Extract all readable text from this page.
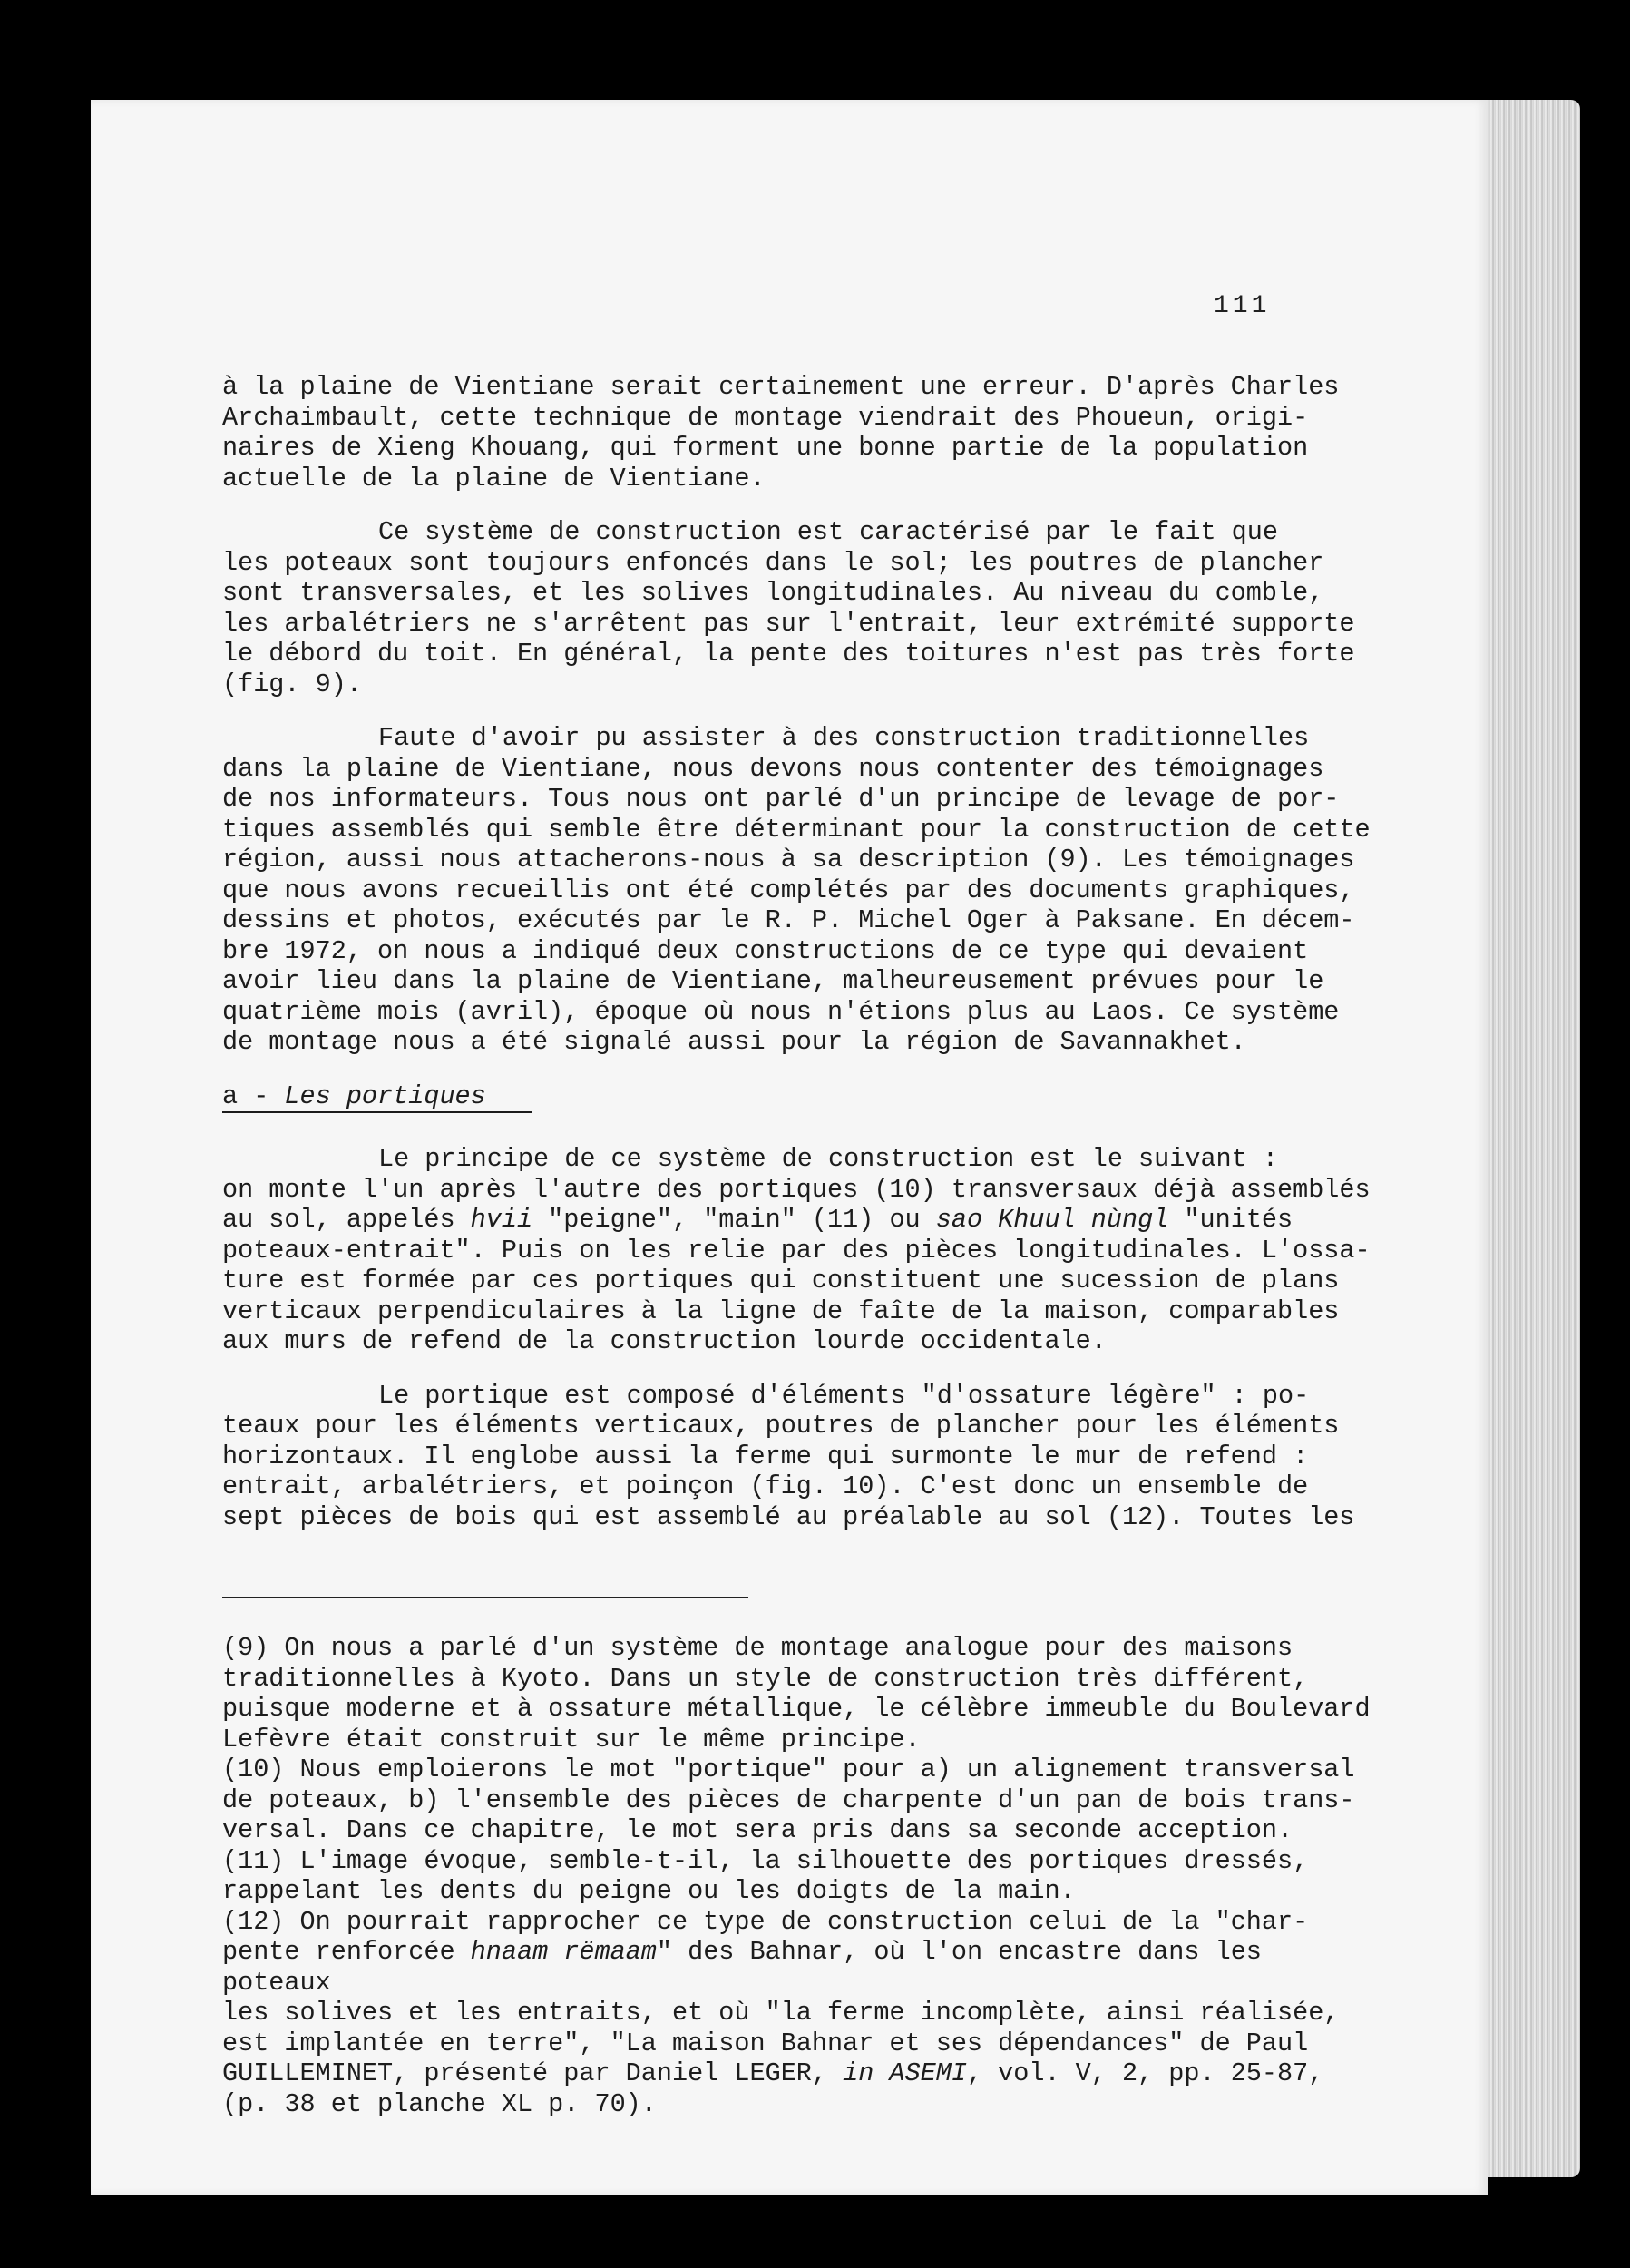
111

à la plaine de Vientiane serait certainement une erreur. D'après Charles
Archaimbault, cette technique de montage viendrait des Phoueun, origi-
naires de Xieng Khouang, qui forment une bonne partie de la population
actuelle de la plaine de Vientiane.

Ce système de construction est caractérisé par le fait que
les poteaux sont toujours enfoncés dans le sol; les poutres de plancher
sont transversales, et les solives longitudinales. Au niveau du comble,
les arbalétriers ne s'arrêtent pas sur l'entrait, leur extrémité supporte
le débord du toit. En général, la pente des toitures n'est pas très forte
(fig. 9).

Faute d'avoir pu assister à des construction traditionnelles
dans la plaine de Vientiane, nous devons nous contenter des témoignages
de nos informateurs. Tous nous ont parlé d'un principe de levage de por-
tiques assemblés qui semble être déterminant pour la construction de cette
région, aussi nous attacherons-nous à sa description (9). Les témoignages
que nous avons recueillis ont été complétés par des documents graphiques,
dessins et photos, exécutés par le R. P. Michel Oger à Paksane. En décem-
bre 1972, on nous a indiqué deux constructions de ce type qui devaient
avoir lieu dans la plaine de Vientiane, malheureusement prévues pour le
quatrième mois (avril), époque où nous n'étions plus au Laos. Ce système
de montage nous a été signalé aussi pour la région de Savannakhet.

a - Les portiques

Le principe de ce système de construction est le suivant :
on monte l'un après l'autre des portiques (10) transversaux déjà assemblés
au sol, appelés hvii "peigne", "main" (11) ou sao Khuul nùngl "unités
poteaux-entrait". Puis on les relie par des pièces longitudinales. L'ossa-
ture est formée par ces portiques qui constituent une sucession de plans
verticaux perpendiculaires à la ligne de faîte de la maison, comparables
aux murs de refend de la construction lourde occidentale.

Le portique est composé d'éléments "d'ossature légère" : po-
teaux pour les éléments verticaux, poutres de plancher pour les éléments
horizontaux. Il englobe aussi la ferme qui surmonte le mur de refend :
entrait, arbalétriers, et poinçon (fig. 10). C'est donc un ensemble de
sept pièces de bois qui est assemblé au préalable au sol (12). Toutes les

(9) On nous a parlé d'un système de montage analogue pour des maisons
traditionnelles à Kyoto. Dans un style de construction très différent,
puisque moderne et à ossature métallique, le célèbre immeuble du Boulevard
Lefèvre était construit sur le même principe.

(10) Nous emploierons le mot "portique" pour a) un alignement transversal
de poteaux, b) l'ensemble des pièces de charpente d'un pan de bois trans-
versal. Dans ce chapitre, le mot sera pris dans sa seconde acception.

(11) L'image évoque, semble-t-il, la silhouette des portiques dressés,
rappelant les dents du peigne ou les doigts de la main.

(12) On pourrait rapprocher ce type de construction celui de la "char-
pente renforcée hnaam rëmaam" des Bahnar, où l'on encastre dans les poteaux
les solives et les entraits, et où "la ferme incomplète, ainsi réalisée,
est implantée en terre", "La maison Bahnar et ses dépendances" de Paul
GUILLEMINET, présenté par Daniel LEGER, in ASEMI, vol. V, 2, pp. 25-87,
(p. 38 et planche XL p. 70).
